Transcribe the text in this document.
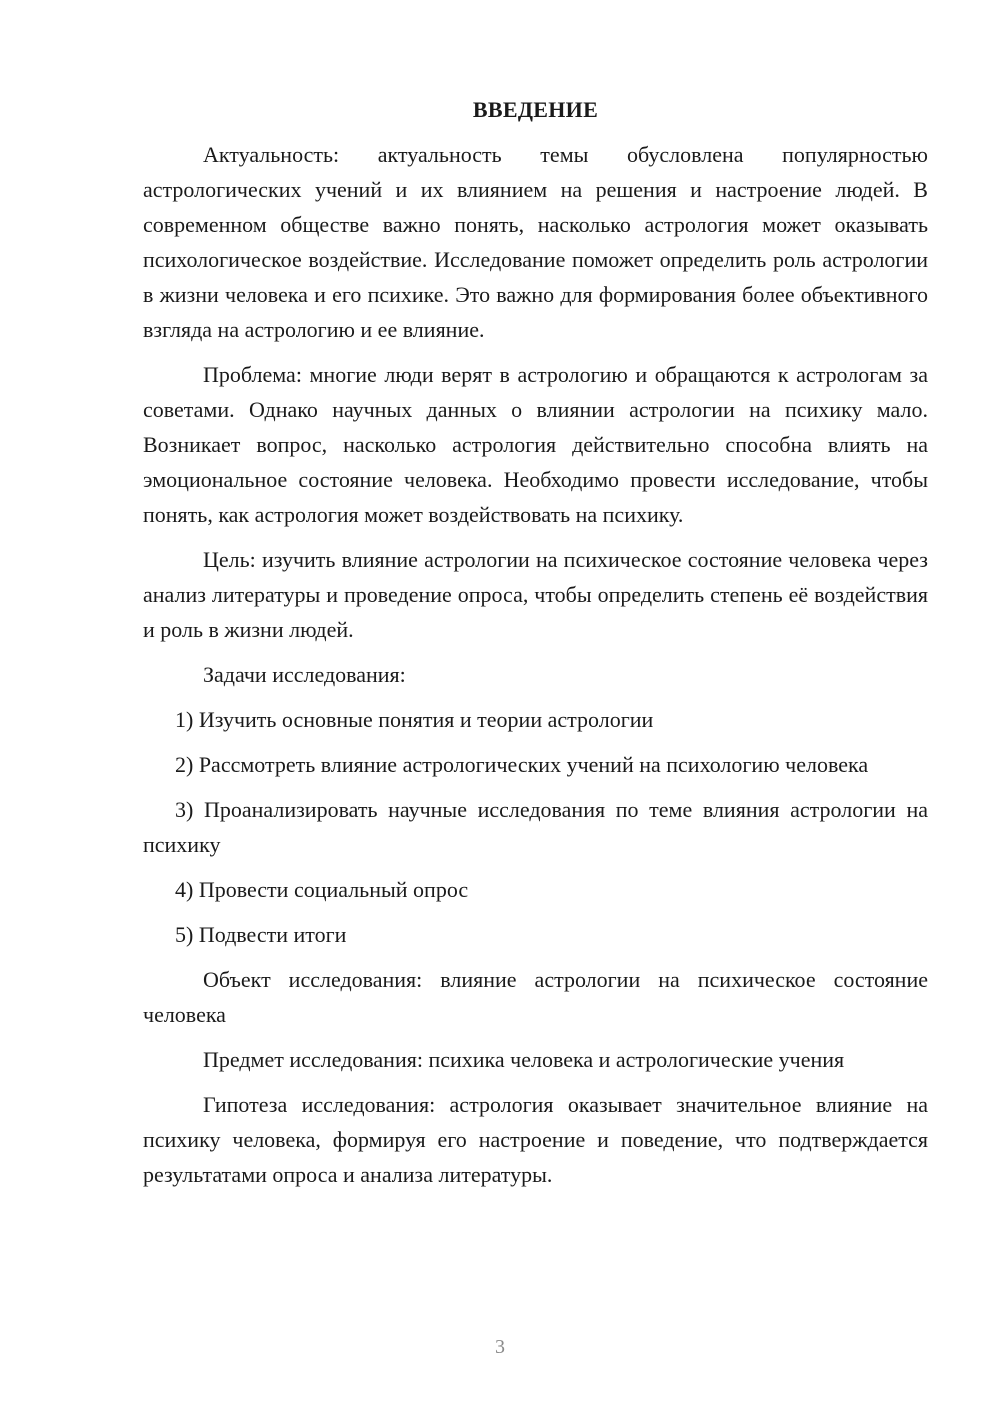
ВВЕДЕНИЕ

Актуальность: актуальность темы обусловлена популярностью астрологических учений и их влиянием на решения и настроение людей. В современном обществе важно понять, насколько астрология может оказывать психологическое воздействие. Исследование поможет определить роль астрологии в жизни человека и его психике. Это важно для формирования более объективного взгляда на астрологию и ее влияние.

Проблема: многие люди верят в астрологию и обращаются к астрологам за советами. Однако научных данных о влиянии астрологии на психику мало. Возникает вопрос, насколько астрология действительно способна влиять на эмоциональное состояние человека. Необходимо провести исследование, чтобы понять, как астрология может воздействовать на психику.

Цель: изучить влияние астрологии на психическое состояние человека через анализ литературы и проведение опроса, чтобы определить степень её воздействия и роль в жизни людей.

Задачи исследования:

1) Изучить основные понятия и теории астрологии

2) Рассмотреть влияние астрологических учений на психологию человека

3) Проанализировать научные исследования по теме влияния астрологии на психику

4) Провести социальный опрос

5) Подвести итоги

Объект исследования: влияние астрологии на психическое состояние человека

Предмет исследования: психика человека и астрологические учения

Гипотеза исследования: астрология оказывает значительное влияние на психику человека, формируя его настроение и поведение, что подтверждается результатами опроса и анализа литературы.

3
